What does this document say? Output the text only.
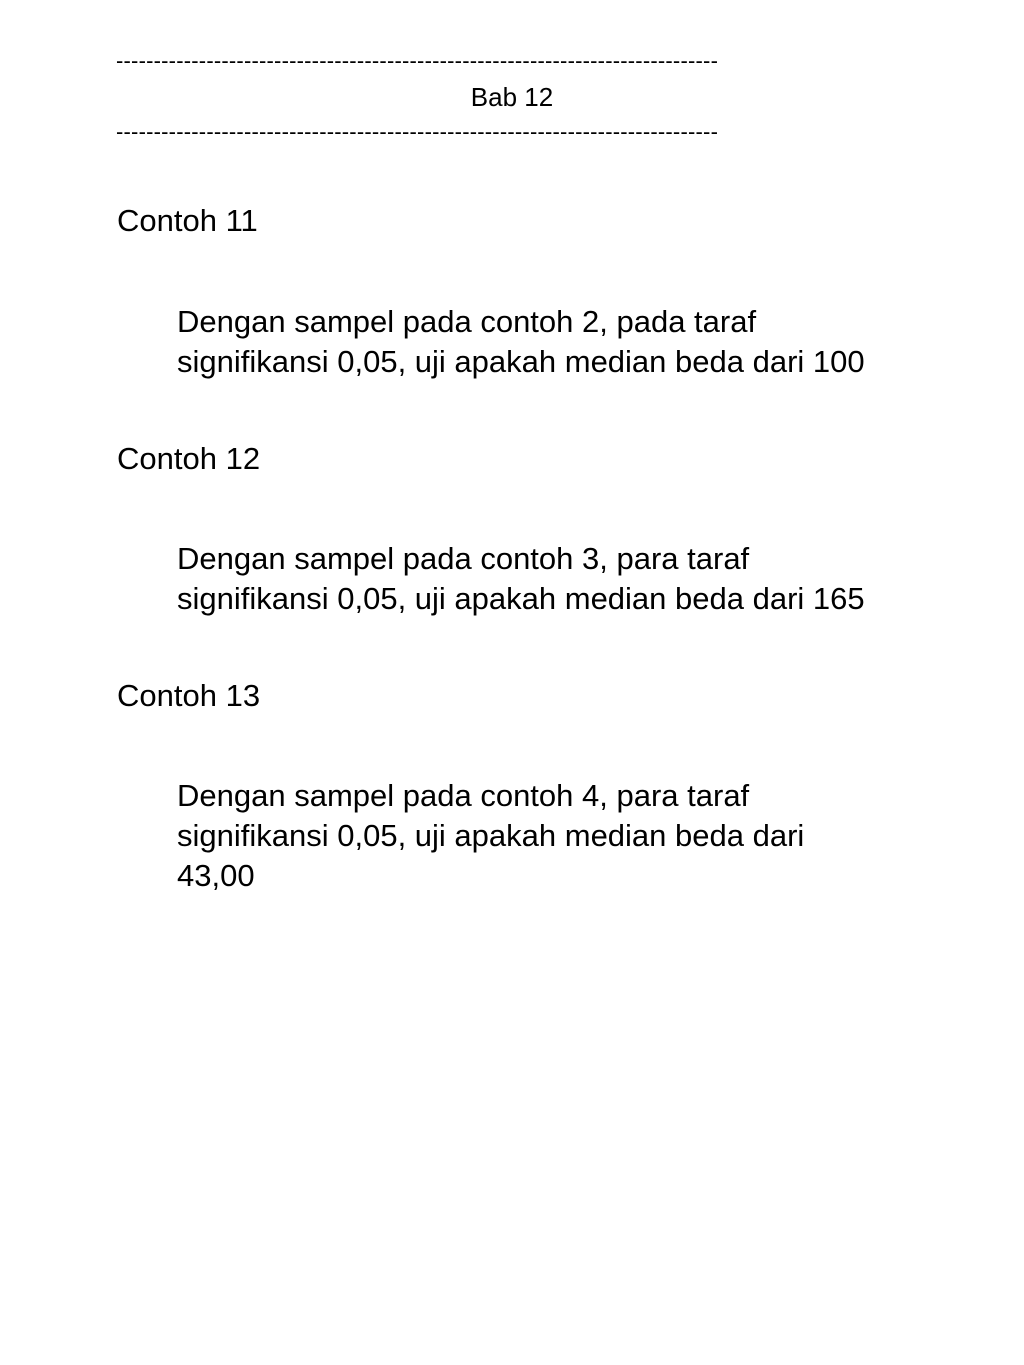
--------------------------------------------------------------------------------
Bab 12
--------------------------------------------------------------------------------
Contoh 11
Dengan sampel pada contoh 2, pada taraf
signifikansi 0,05, uji apakah median beda dari 100
Contoh 12
Dengan sampel pada contoh 3, para taraf
signifikansi 0,05, uji apakah median beda dari 165
Contoh 13
Dengan sampel pada contoh 4, para taraf
signifikansi 0,05, uji apakah median beda dari
43,00
